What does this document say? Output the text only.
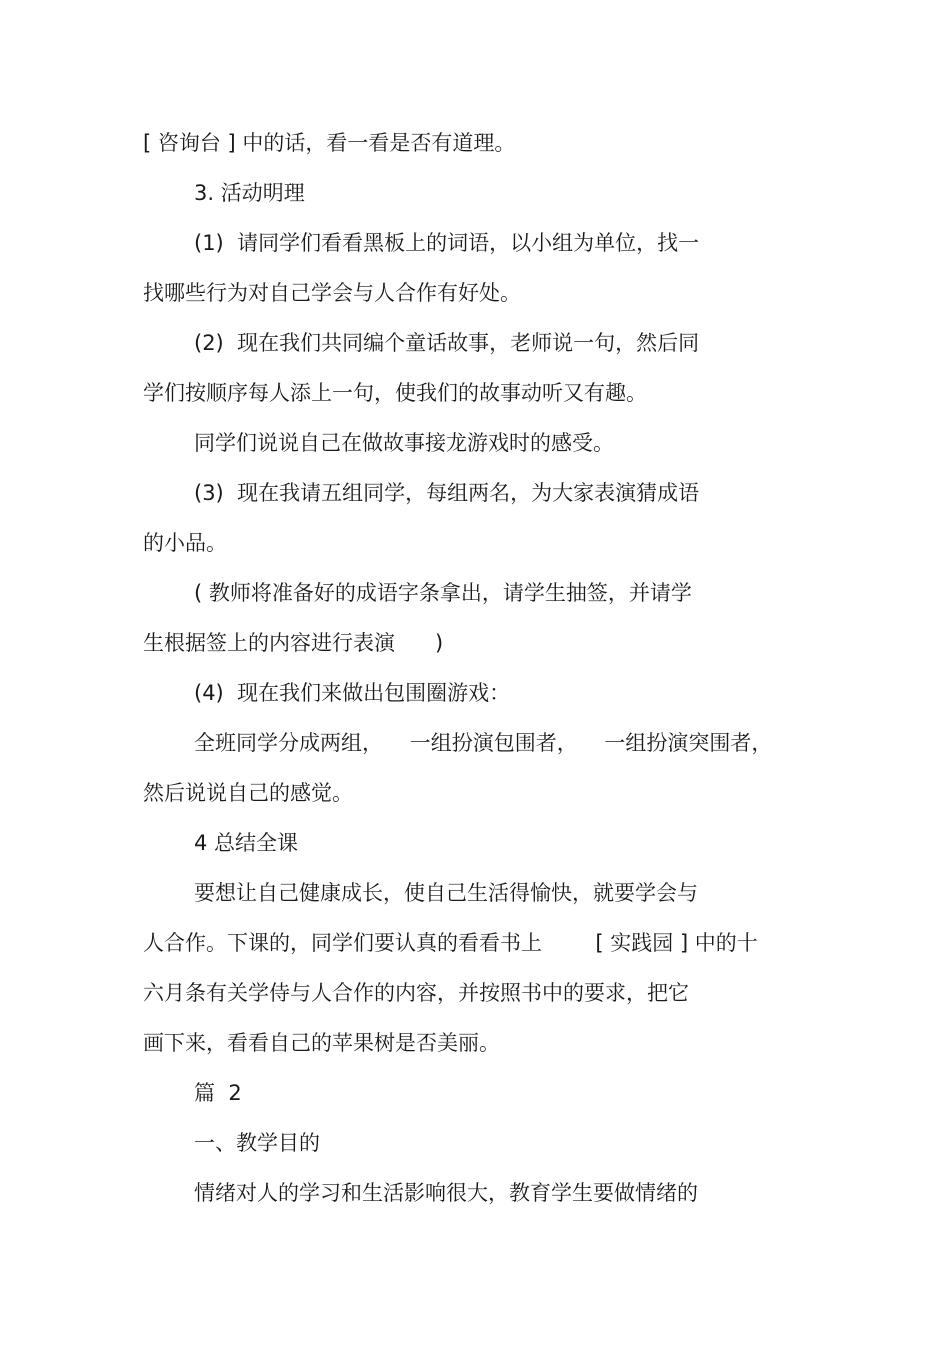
[ 咨询台 ] 中的话，看一看是否有道理。
3. 活动明理
(1)  请同学们看看黑板上的词语，以小组为单位，找一
找哪些行为对自己学会与人合作有好处。
(2)  现在我们共同编个童话故事，老师说一句，然后同
学们按顺序每人添上一句，使我们的故事动听又有趣。
同学们说说自己在做故事接龙游戏时的感受。
(3)  现在我请五组同学，每组两名，为大家表演猜成语
的小品。
( 教师将准备好的成语字条拿出，请学生抽签，并请学
生根据签上的内容进行表演      )
(4)  现在我们来做出包围圈游戏：
全班同学分成两组，    一组扮演包围者，    一组扮演突围者，
然后说说自己的感觉。
4 总结全课
要想让自己健康成长，使自己生活得愉快，就要学会与
人合作。下课的，同学们要认真的看看书上        [ 实践园 ] 中的十
六月条有关学侍与人合作的内容，并按照书中的要求，把它
画下来，看看自己的苹果树是否美丽。
篇  2
一、教学目的
情绪对人的学习和生活影响很大，教育学生要做情绪的
